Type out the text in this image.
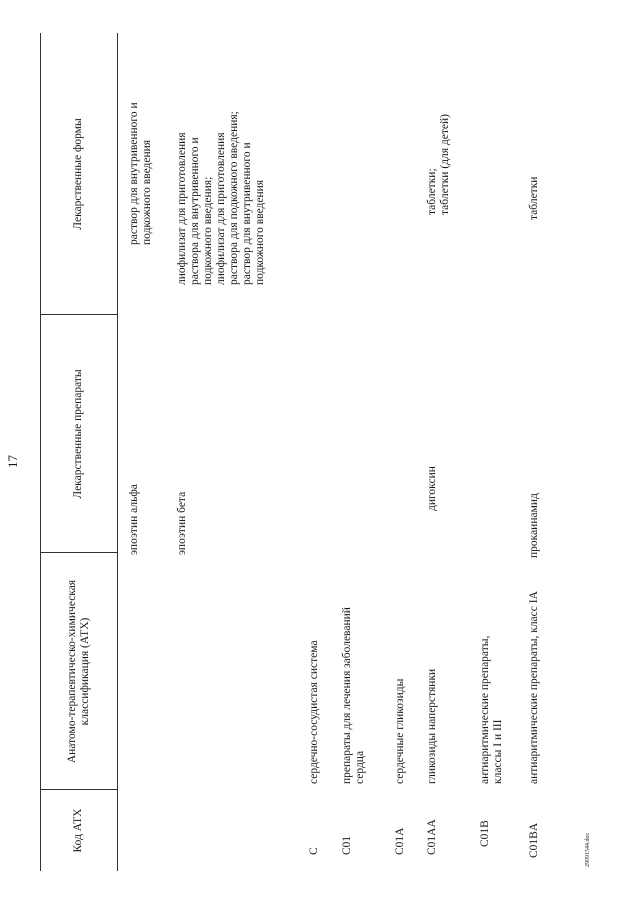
17
Код АТХ
Анатомо-терапевтическо-химическая классификация (АТХ)
Лекарственные препараты
Лекарственные формы
эпоэтин альфа
раствор для внутривенного и подкожного введения
эпоэтин бета
лиофилизат для приготовления раствора для внутривенного и подкожного введения; лиофилизат для приготовления раствора для подкожного введения; раствор для внутривенного и подкожного введения
C
сердечно-сосудистая система
C01
препараты для лечения заболеваний сердца
C01A
сердечные гликозиды
C01AA
гликозиды наперстянки
дигоксин
таблетки; таблетки (для детей)
C01B
антиаритмические препараты, классы I и III
C01BA
антиаритмические препараты, класс IA
прокаинамид
таблетки
29091544.doc
